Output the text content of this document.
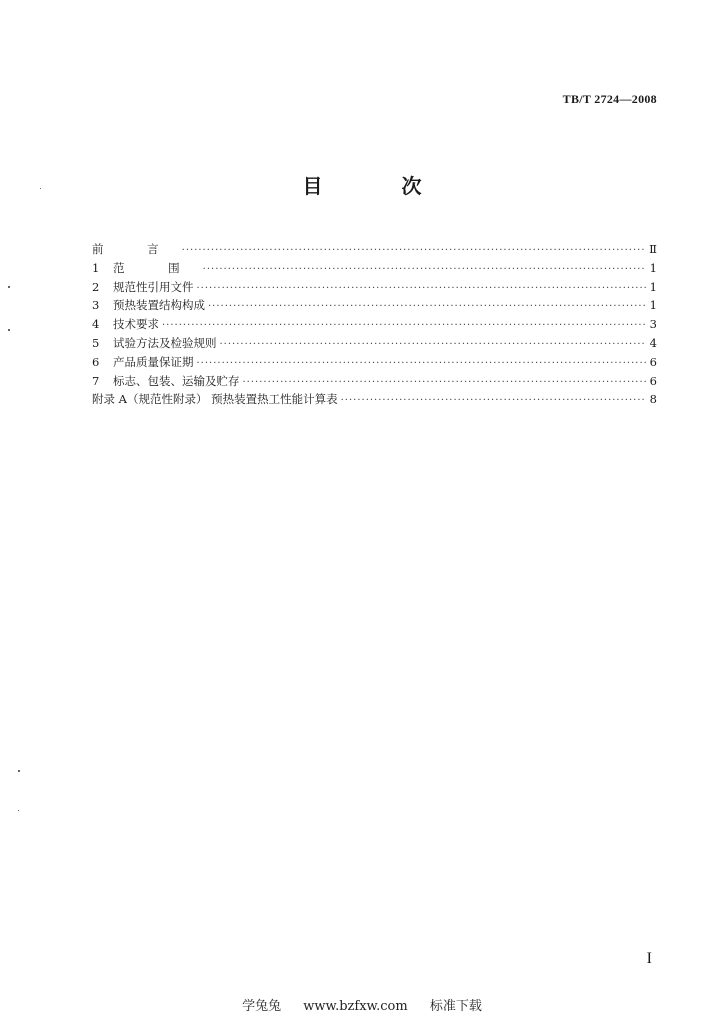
TB/T 2724—2008
目 次
前 言 ·····	Ⅱ
1 范 围 ·····	1
2 规范性引用文件 ·····	1
3 预热装置结构构成 ·····	1
4 技术要求 ·····	3
5 试验方法及检验规则 ·····	4
6 产品质量保证期 ·····	6
7 标志、包装、运输及贮存 ·····	6
附录 A（规范性附录） 预热装置热工性能计算表 ·····	8
I
学兔兔 www.bzfxw.com 标准下载
